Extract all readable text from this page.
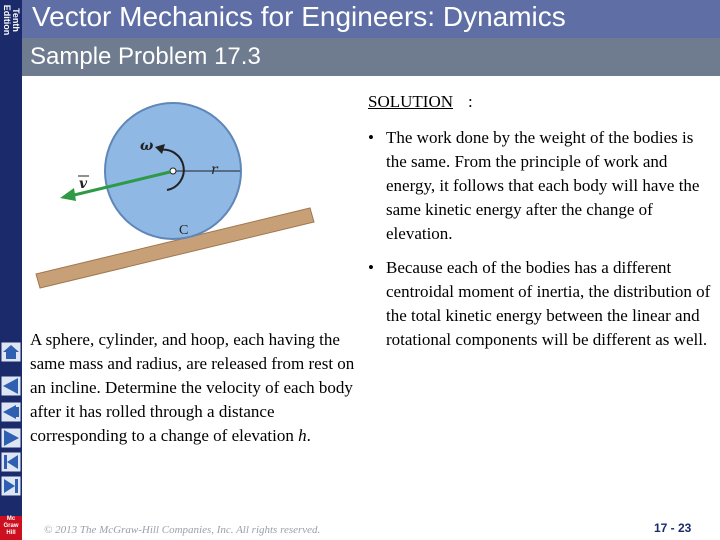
Tenth
Edition Vector Mechanics for Engineers: Dynamics
Sample Problem 17.3
ω
r
v
C
SOLUTION :
• The work done by the weight of the bodies is the same. From the principle of work and energy, it follows that each body will have the same kinetic energy after the change of elevation.
• Because each of the bodies has a different centroidal moment of inertia, the distribution of the total kinetic energy between the linear and rotational components will be different as well.
A sphere, cylinder, and hoop, each having the same mass and radius, are released from rest on an incline. Determine the velocity of each body after it has rolled through a distance corresponding to a change of elevation h.
Mc
Graw
Hill	© 2013 The McGraw-Hill Companies, Inc. All rights reserved.	17 - 23
